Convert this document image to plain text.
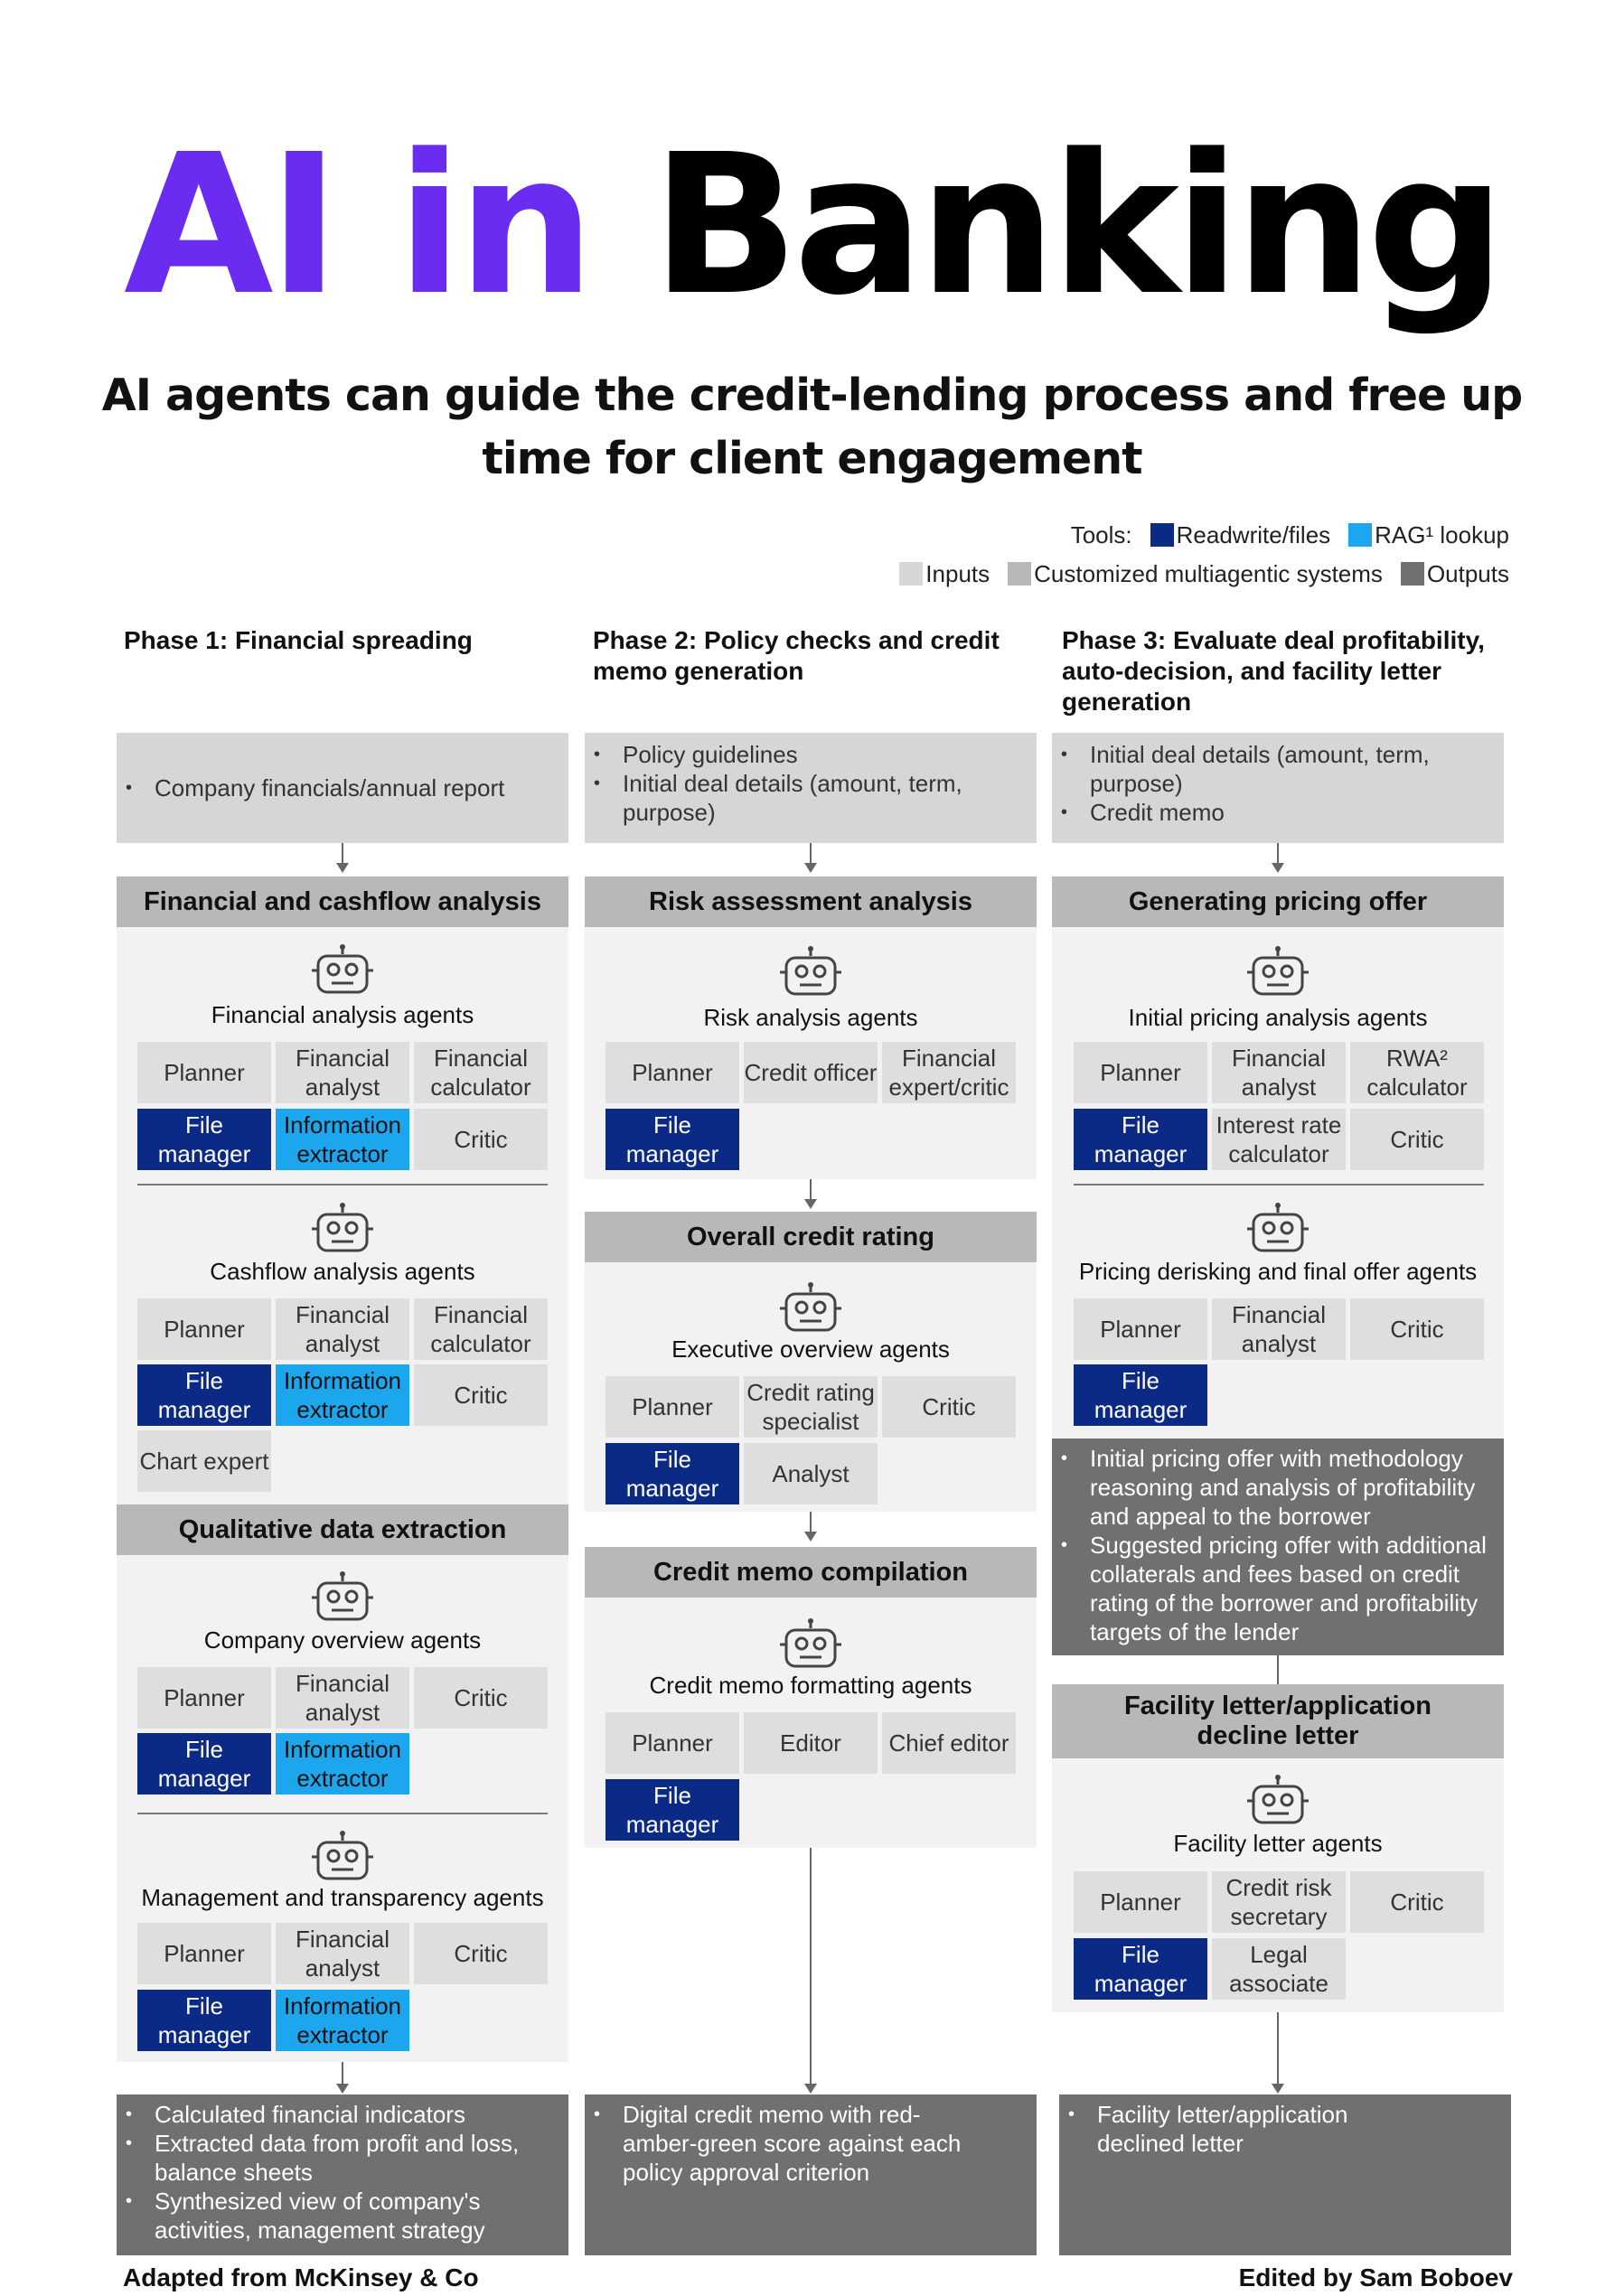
AI in Banking
AI agents can guide the credit-lending process and free up time for client engagement
Tools: Readwrite/files RAG¹ lookup
Inputs Customized multiagentic systems Outputs
Phase 1: Financial spreading	Phase 2: Policy checks and credit memo generation
Phase 3: Evaluate deal profitability, auto-decision, and facility letter generation
• Company financials/annual report
• Policy guidelines
• Initial deal details (amount, term, purpose)
• Initial deal details (amount, term, purpose)
• Credit memo
Financial and cashflow analysis
Financial analysis agents
Planner
Financial analyst
Financial calculator
File manager
Information extractor
Critic
Cashflow analysis agents
Planner
Financial analyst
Financial calculator
File manager
Information extractor
Critic
Chart expert
Qualitative data extraction
Company overview agents
Planner
Financial analyst
Critic
File manager
Information extractor
Management and transparency agents
Planner
Financial analyst
Critic
File manager
Information extractor
Risk assessment analysis
Risk analysis agents
Planner	Credit officer
Financial expert/critic
File manager
Overall credit rating
Executive overview agents
Planner
Credit rating specialist
Critic
File manager
Analyst
Credit memo compilation
Credit memo formatting agents
Planner	Editor	Chief editor
File manager
Generating pricing offer
Initial pricing analysis agents
Planner
Financial analyst
RWA² calculator
File manager
Interest rate calculator
Critic
Pricing derisking and final offer agents
Planner
Financial analyst
Critic
File manager
• Initial pricing offer with methodology reasoning and analysis of profitability and appeal to the borrower
• Suggested pricing offer with additional collaterals and fees based on credit rating of the borrower and profitability targets of the lender
Facility letter/application decline letter
Facility letter agents
Planner
Credit risk secretary
Critic
File manager
Legal associate
• Calculated financial indicators
• Extracted data from profit and loss, balance sheets
• Synthesized view of company's activities, management strategy
• Digital credit memo with red-amber-green score against each policy approval criterion
• Facility letter/application declined letter
Adapted from McKinsey & Co	Edited by Sam Boboev
